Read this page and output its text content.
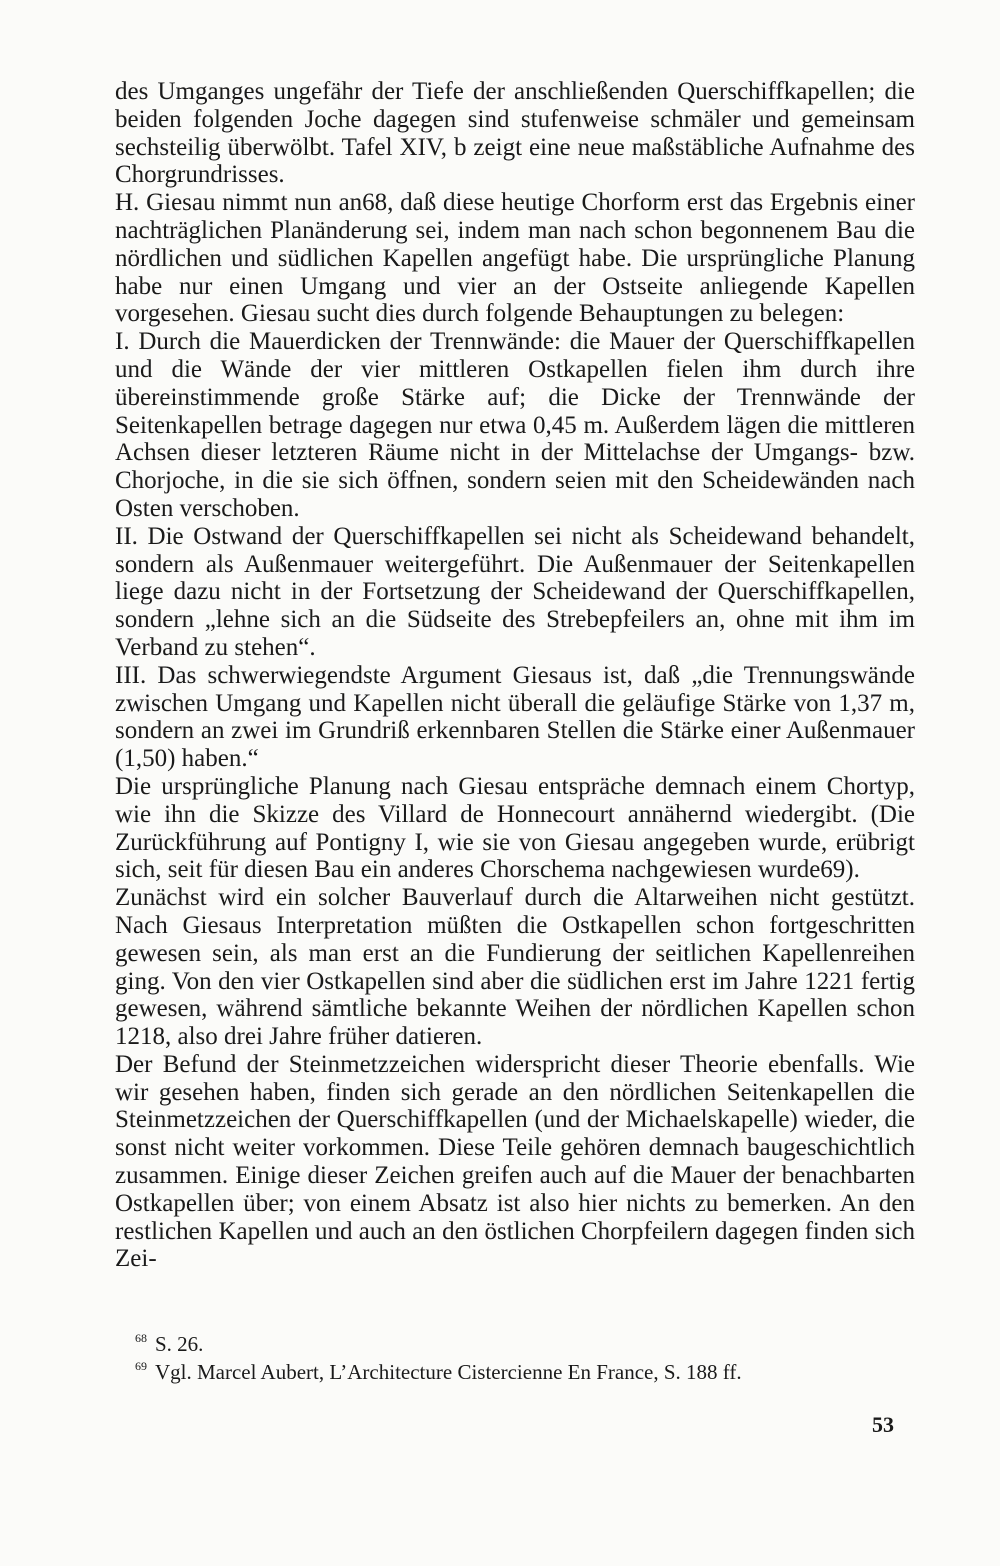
des Umganges ungefähr der Tiefe der anschließenden Querschiffkapellen; die beiden folgenden Joche dagegen sind stufenweise schmäler und gemeinsam sechsteilig überwölbt. Tafel XIV, b zeigt eine neue maßstäbliche Aufnahme des Chorgrundrisses.

H. Giesau nimmt nun an68, daß diese heutige Chorform erst das Ergebnis einer nachträglichen Planänderung sei, indem man nach schon begonnenem Bau die nördlichen und südlichen Kapellen angefügt habe. Die ursprüngliche Planung habe nur einen Umgang und vier an der Ostseite anliegende Kapellen vorgesehen. Giesau sucht dies durch folgende Behauptungen zu belegen:

I. Durch die Mauerdicken der Trennwände: die Mauer der Querschiffkapellen und die Wände der vier mittleren Ostkapellen fielen ihm durch ihre übereinstimmende große Stärke auf; die Dicke der Trennwände der Seitenkapellen betrage dagegen nur etwa 0,45 m. Außerdem lägen die mittleren Achsen dieser letzteren Räume nicht in der Mittelachse der Umgangs- bzw. Chorjoche, in die sie sich öffnen, sondern seien mit den Scheidewänden nach Osten verschoben.

II. Die Ostwand der Querschiffkapellen sei nicht als Scheidewand behandelt, sondern als Außenmauer weitergeführt. Die Außenmauer der Seitenkapellen liege dazu nicht in der Fortsetzung der Scheidewand der Querschiffkapellen, sondern „lehne sich an die Südseite des Strebepfeilers an, ohne mit ihm im Verband zu stehen“.

III. Das schwerwiegendste Argument Giesaus ist, daß „die Trennungswände zwischen Umgang und Kapellen nicht überall die geläufige Stärke von 1,37 m, sondern an zwei im Grundriß erkennbaren Stellen die Stärke einer Außenmauer (1,50) haben.“

Die ursprüngliche Planung nach Giesau entspräche demnach einem Chortyp, wie ihn die Skizze des Villard de Honnecourt annähernd wiedergibt. (Die Zurückführung auf Pontigny I, wie sie von Giesau angegeben wurde, erübrigt sich, seit für diesen Bau ein anderes Chorschema nachgewiesen wurde69).

Zunächst wird ein solcher Bauverlauf durch die Altarweihen nicht gestützt. Nach Giesaus Interpretation müßten die Ostkapellen schon fortgeschritten gewesen sein, als man erst an die Fundierung der seitlichen Kapellenreihen ging. Von den vier Ostkapellen sind aber die südlichen erst im Jahre 1221 fertig gewesen, während sämtliche bekannte Weihen der nördlichen Kapellen schon 1218, also drei Jahre früher datieren.

Der Befund der Steinmetzzeichen widerspricht dieser Theorie ebenfalls. Wie wir gesehen haben, finden sich gerade an den nördlichen Seitenkapellen die Steinmetzzeichen der Querschiffkapellen (und der Michaelskapelle) wieder, die sonst nicht weiter vorkommen. Diese Teile gehören demnach baugeschichtlich zusammen. Einige dieser Zeichen greifen auch auf die Mauer der benachbarten Ostkapellen über; von einem Absatz ist also hier nichts zu bemerken. An den restlichen Kapellen und auch an den östlichen Chorpfeilern dagegen finden sich Zei-

$^{68}$ S. 26.

$^{69}$ Vgl. Marcel Aubert, L’Architecture Cistercienne En France, S. 188 ff.

53
